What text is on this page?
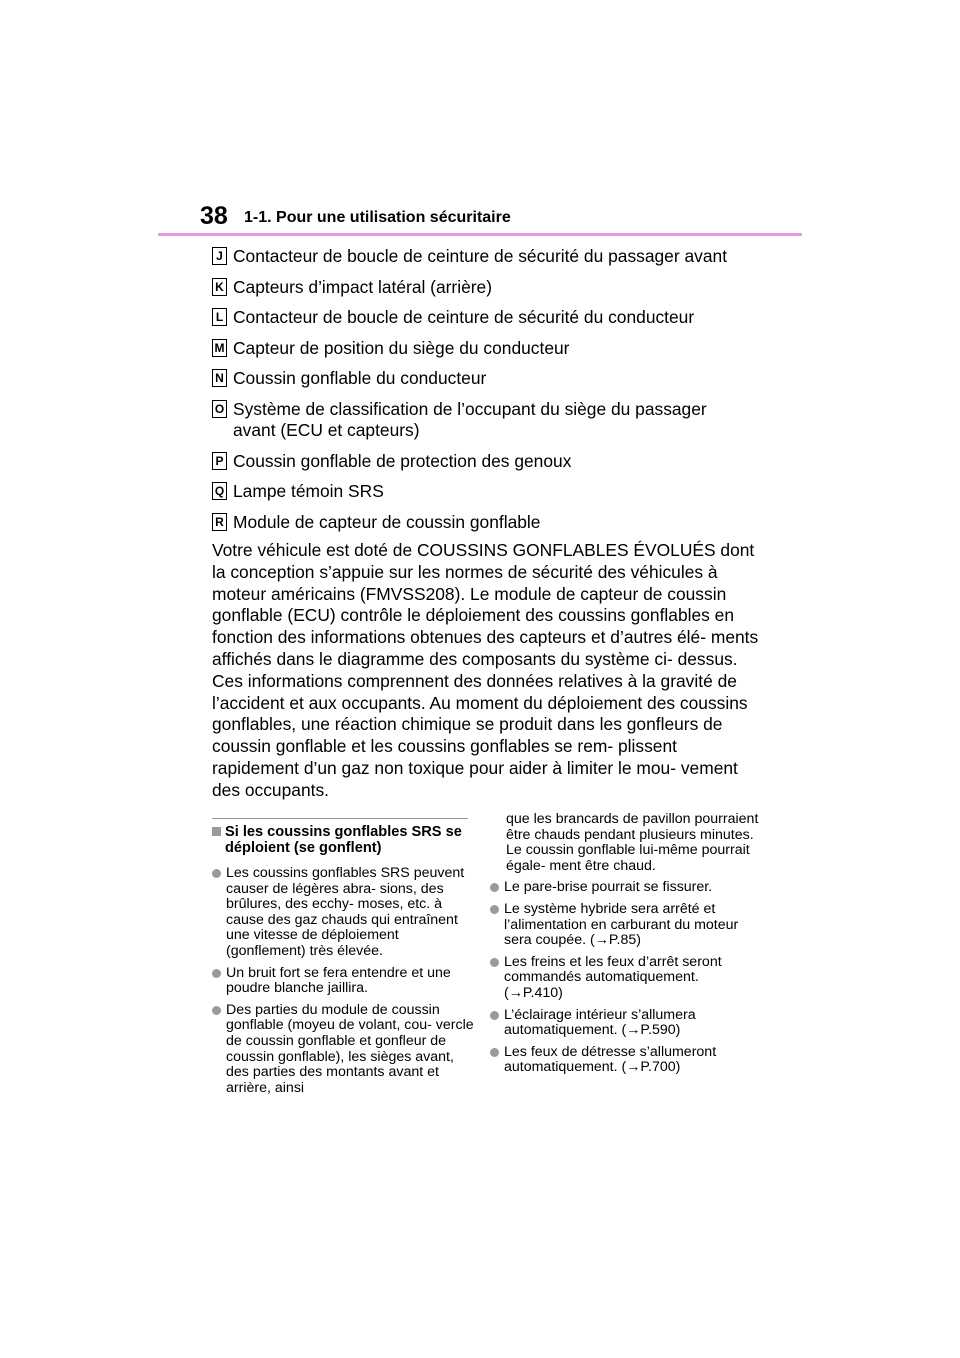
38 1-1. Pour une utilisation sécuritaire
J Contacteur de boucle de ceinture de sécurité du passager avant
K Capteurs d’impact latéral (arrière)
L Contacteur de boucle de ceinture de sécurité du conducteur
M Capteur de position du siège du conducteur
N Coussin gonflable du conducteur
O Système de classification de l’occupant du siège du passager avant (ECU et capteurs)
P Coussin gonflable de protection des genoux
Q Lampe témoin SRS
R Module de capteur de coussin gonflable
Votre véhicule est doté de COUSSINS GONFLABLES ÉVOLUÉS dont la conception s’appuie sur les normes de sécurité des véhicules à moteur américains (FMVSS208). Le module de capteur de coussin gonflable (ECU) contrôle le déploiement des coussins gonflables en fonction des informations obtenues des capteurs et d’autres élé- ments affichés dans le diagramme des composants du système ci- dessus. Ces informations comprennent des données relatives à la gravité de l’accident et aux occupants. Au moment du déploiement des coussins gonflables, une réaction chimique se produit dans les gonfleurs de coussin gonflable et les coussins gonflables se rem- plissent rapidement d’un gaz non toxique pour aider à limiter le mou- vement des occupants.
Si les coussins gonflables SRS se déploient (se gonflent)
Les coussins gonflables SRS peuvent causer de légères abra- sions, des brûlures, des ecchy- moses, etc. à cause des gaz chauds qui entraînent une vitesse de déploiement (gonflement) très élevée.
Un bruit fort se fera entendre et une poudre blanche jaillira.
Des parties du module de coussin gonflable (moyeu de volant, cou- vercle de coussin gonflable et gonfleur de coussin gonflable), les sièges avant, des parties des montants avant et arrière, ainsi
que les brancards de pavillon pourraient être chauds pendant plusieurs minutes. Le coussin gonflable lui-même pourrait égale- ment être chaud.
Le pare-brise pourrait se fissurer.
Le système hybride sera arrêté et l’alimentation en carburant du moteur sera coupée. (→P.85)
Les freins et les feux d’arrêt seront commandés automatiquement. (→P.410)
L’éclairage intérieur s’allumera automatiquement. (→P.590)
Les feux de détresse s’allumeront automatiquement. (→P.700)
